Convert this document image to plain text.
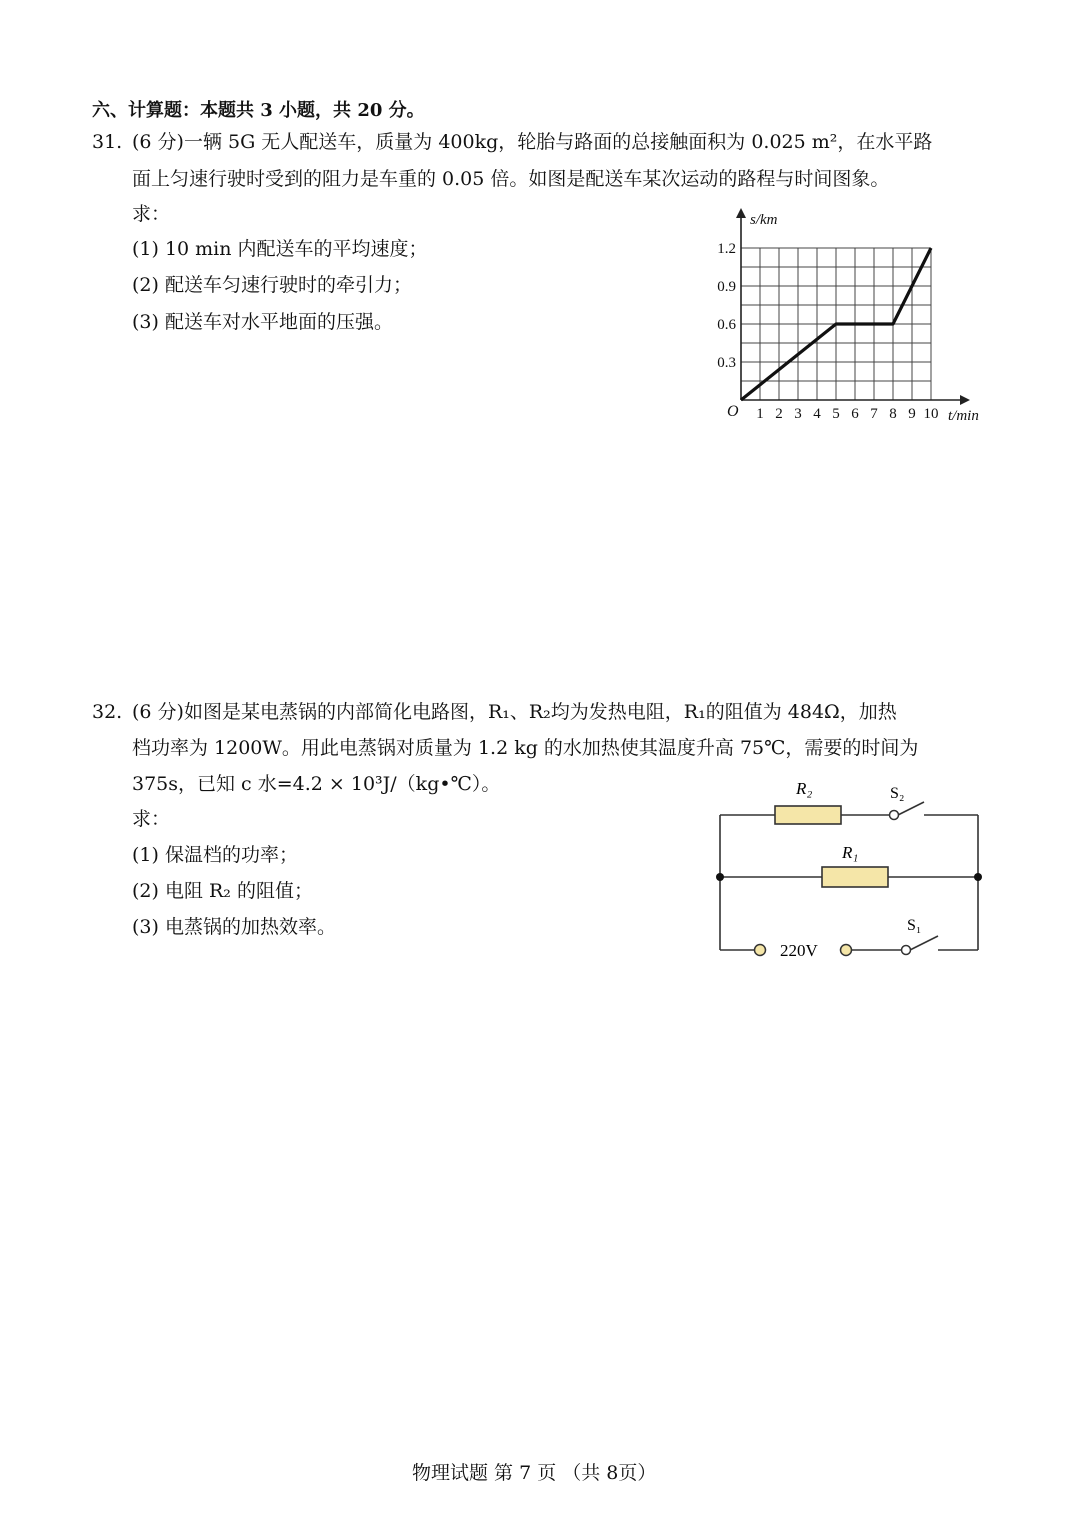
六、计算题：本题共 3 小题，共 20 分。
31. (6 分)一辆 5G 无人配送车，质量为 400kg，轮胎与路面的总接触面积为 0.025 m²，在水平路
面上匀速行驶时受到的阻力是车重的 0.05 倍。如图是配送车某次运动的路程与时间图象。
求：
(1) 10 min 内配送车的平均速度；
(2) 配送车匀速行驶时的牵引力；
(3) 配送车对水平地面的压强。
s/km
t/min
O 1 2 3 4 5 6 7 8 9 10
0.3
0.6
0.9
1.2
32. (6 分)如图是某电蒸锅的内部简化电路图，R₁、R₂均为发热电阻，R₁的阻值为 484Ω，加热
档功率为 1200W。用此电蒸锅对质量为 1.2 kg 的水加热使其温度升高 75℃，需要的时间为
375s，已知 c 水=4.2 × 10³J/（kg•℃）。
求：
(1) 保温档的功率；
(2) 电阻 R₂ 的阻值；
(3) 电蒸锅的加热效率。
R₂	S₂
R₁
S₁
220V
物理试题 第 7 页 （共 8页）
